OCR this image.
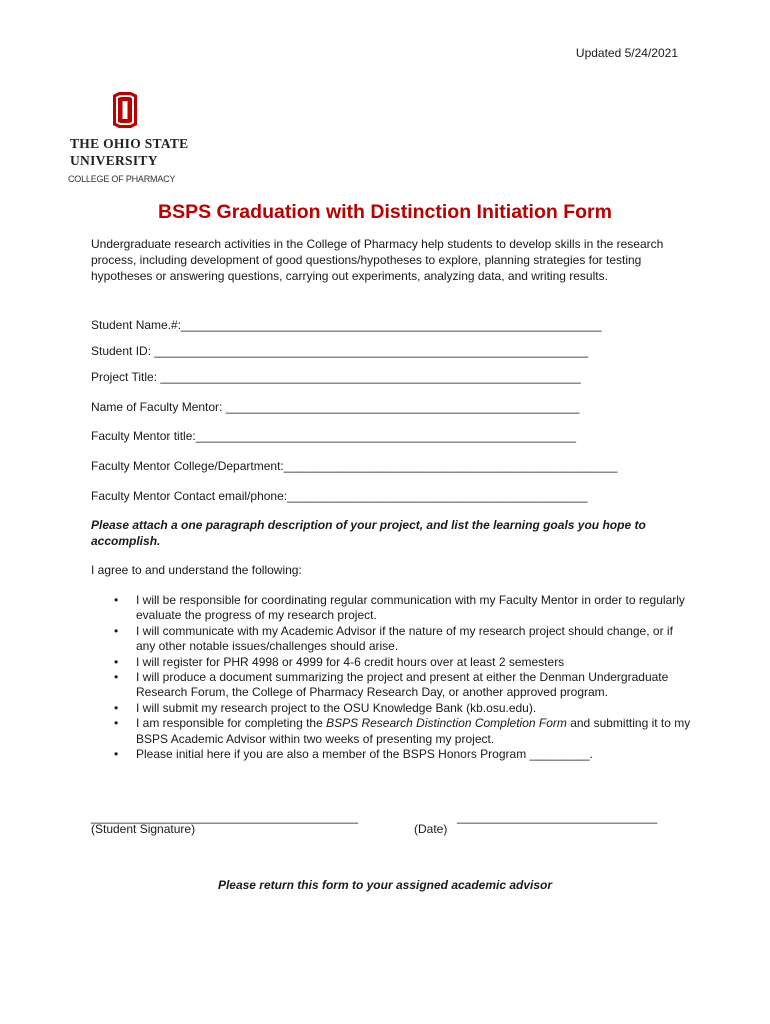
Updated 5/24/2021
THE OHIO STATE
UNIVERSITY
COLLEGE OF PHARMACY
BSPS Graduation with Distinction Initiation Form
Undergraduate research activities in the College of Pharmacy help students to develop skills in the research process, including development of good questions/hypotheses to explore, planning strategies for testing hypotheses or answering questions, carrying out experiments, analyzing data, and writing results.
Student Name.#:_______________________________________________________________
Student ID: _________________________________________________________________
Project Title: _______________________________________________________________
Name of Faculty Mentor: _____________________________________________________
Faculty Mentor title:_________________________________________________________
Faculty Mentor College/Department:__________________________________________________
Faculty Mentor Contact email/phone:_____________________________________________
Please attach a one paragraph description of your project, and list the learning goals you hope to accomplish.
I agree to and understand the following:
• I will be responsible for coordinating regular communication with my Faculty Mentor in order to regularly evaluate the progress of my research project.
• I will communicate with my Academic Advisor if the nature of my research project should change, or if any other notable issues/challenges should arise.
• I will register for PHR 4998 or 4999 for 4-6 credit hours over at least 2 semesters
• I will produce a document summarizing the project and present at either the Denman Undergraduate Research Forum, the College of Pharmacy Research Day, or another approved program.
• I will submit my research project to the OSU Knowledge Bank (kb.osu.edu).
• I am responsible for completing the BSPS Research Distinction Completion Form and submitting it to my BSPS Academic Advisor within two weeks of presenting my project.
• Please initial here if you are also a member of the BSPS Honors Program _________.
________________________________________	______________________________
(Student Signature)	(Date)
Please return this form to your assigned academic advisor
